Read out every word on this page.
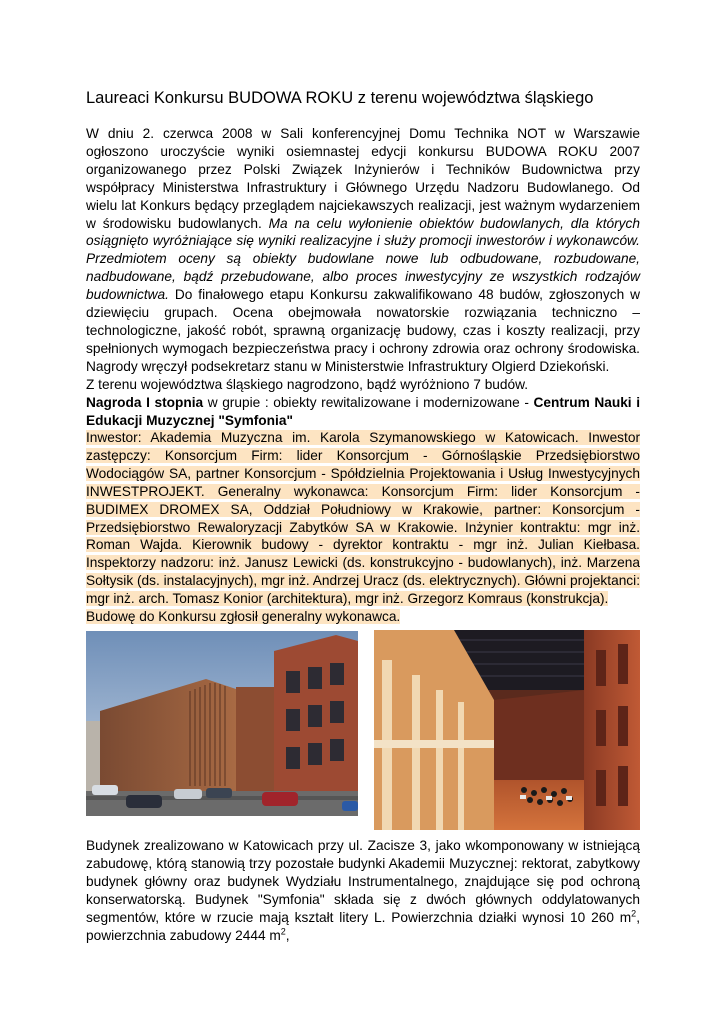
Laureaci Konkursu BUDOWA ROKU z terenu województwa śląskiego
W dniu 2. czerwca 2008 w Sali konferencyjnej Domu Technika NOT w Warszawie ogłoszono uroczyście wyniki osiemnastej edycji konkursu BUDOWA ROKU 2007 organizowanego przez Polski Związek Inżynierów i Techników Budownictwa przy współpracy Ministerstwa Infrastruktury i Głównego Urzędu Nadzoru Budowlanego. Od wielu lat Konkurs będący przeglądem najciekawszych realizacji, jest ważnym wydarzeniem w środowisku budowlanych. Ma na celu wyłonienie obiektów budowlanych, dla których osiągnięto wyróżniające się wyniki realizacyjne i służy promocji inwestorów i wykonawców. Przedmiotem oceny są obiekty budowlane nowe lub odbudowane, rozbudowane, nadbudowane, bądź przebudowane, albo proces inwestycyjny ze wszystkich rodzajów budownictwa. Do finałowego etapu Konkursu zakwalifikowano 48 budów, zgłoszonych w dziewięciu grupach. Ocena obejmowała nowatorskie rozwiązania techniczno – technologiczne, jakość robót, sprawną organizację budowy, czas i koszty realizacji, przy spełnionych wymogach bezpieczeństwa pracy i ochrony zdrowia oraz ochrony środowiska. Nagrody wręczył podsekretarz stanu w Ministerstwie Infrastruktury Olgierd Dziekoński.
Z terenu województwa śląskiego nagrodzono, bądź wyróżniono 7 budów.
Nagroda I stopnia w grupie : obiekty rewitalizowane i modernizowane - Centrum Nauki i Edukacji Muzycznej "Symfonia"
Inwestor: Akademia Muzyczna im. Karola Szymanowskiego w Katowicach. Inwestor zastępczy: Konsorcjum Firm: lider Konsorcjum - Górnośląskie Przedsiębiorstwo Wodociągów SA, partner Konsorcjum - Spółdzielnia Projektowania i Usług Inwestycyjnych INWESTPROJEKT. Generalny wykonawca: Konsorcjum Firm: lider Konsorcjum - BUDIMEX DROMEX SA, Oddział Południowy w Krakowie, partner: Konsorcjum - Przedsiębiorstwo Rewaloryzacji Zabytków SA w Krakowie. Inżynier kontraktu: mgr inż. Roman Wajda. Kierownik budowy - dyrektor kontraktu - mgr inż. Julian Kiełbasa. Inspektorzy nadzoru: inż. Janusz Lewicki (ds. konstrukcyjno - budowlanych), inż. Marzena Sołtysik (ds. instalacyjnych), mgr inż. Andrzej Uracz (ds. elektrycznych). Główni projektanci: mgr inż. arch. Tomasz Konior (architektura), mgr inż. Grzegorz Komraus (konstrukcja).
Budowę do Konkursu zgłosił generalny wykonawca.
Budynek zrealizowano w Katowicach przy ul. Zacisze 3, jako wkomponowany w istniejącą zabudowę, którą stanowią trzy pozostałe budynki Akademii Muzycznej: rektorat, zabytkowy budynek główny oraz budynek Wydziału Instrumentalnego, znajdujące się pod ochroną konserwatorską. Budynek "Symfonia" składa się z dwóch głównych oddylatowanych segmentów, które w rzucie mają kształt litery L. Powierzchnia działki wynosi 10 260 $m^2$, powierzchnia zabudowy 2444 $m^2$,
